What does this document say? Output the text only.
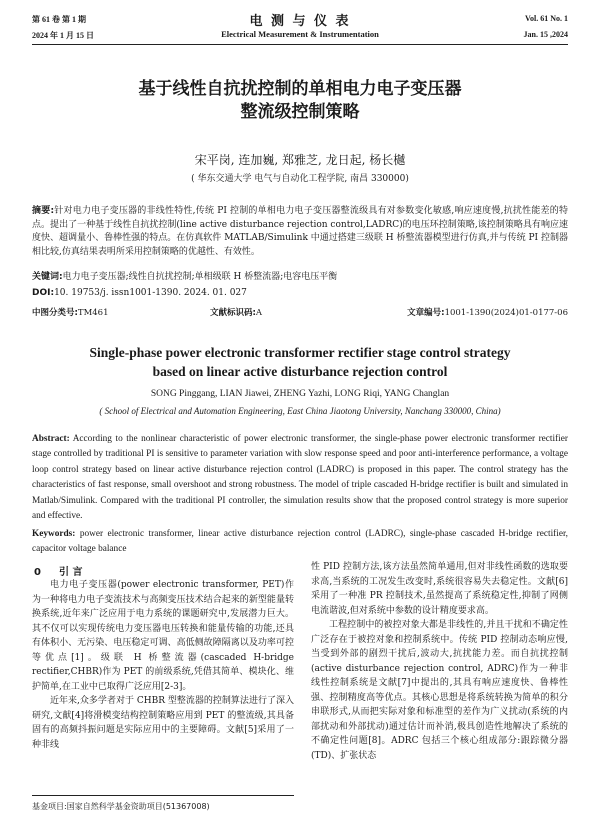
第 61 卷 第 1 期
2024 年 1 月 15 日
电 测 与 仪 表
Electrical Measurement & Instrumentation
Vol. 61 No. 1
Jan. 15 ,2024
基于线性自抗扰控制的单相电力电子变压器
整流级控制策略
宋平岗, 连加巍, 郑雅芝, 龙日起, 杨长樾
( 华东交通大学 电气与自动化工程学院, 南昌 330000)
摘要:针对电力电子变压器的非线性特性,传统 PI 控制的单相电力电子变压器整流级具有对参数变化敏感,响应速度慢,抗扰性能差的特点。提出了一种基于线性自抗扰控制(line active disturbance rejection control,LADRC)的电压环控制策略,该控制策略具有响应速度快、超调量小、鲁棒性强的特点。在仿真软件 MATLAB/Simulink 中通过搭建三级联 H 桥整流器模型进行仿真,并与传统 PI 控制器相比较,仿真结果表明所采用控制策略的优越性、有效性。
关键词:电力电子变压器;线性自抗扰控制;单相级联 H 桥整流器;电容电压平衡
DOI:10. 19753/j. issn1001-1390. 2024. 01. 027
中图分类号:TM461	文献标识码:A	文章编号:1001-1390(2024)01-0177-06
Single-phase power electronic transformer rectifier stage control strategy
based on linear active disturbance rejection control
SONG Pinggang, LIAN Jiawei, ZHENG Yazhi, LONG Riqi, YANG Changlan
( School of Electrical and Automation Engineering, East China Jiaotong University, Nanchang 330000, China)
Abstract: According to the nonlinear characteristic of power electronic transformer, the single-phase power electronic transformer rectifier stage controlled by traditional PI is sensitive to parameter variation with slow response speed and poor anti-interference performance, a voltage loop control strategy based on linear active disturbance rejection control (LADRC) is proposed in this paper. The control strategy has the characteristics of fast response, small overshoot and strong robustness. The model of triple cascaded H-bridge rectifier is built and simulated in Matlab/Simulink. Compared with the traditional PI controller, the simulation results show that the proposed control strategy is more superior and effective.
Keywords: power electronic transformer, linear active disturbance rejection control (LADRC), single-phase cascaded H-bridge rectifier, capacitor voltage balance
0 引 言
电力电子变压器(power electronic transformer, PET)作为一种将电力电子变流技术与高频变压技术结合起来的新型能量转换系统,近年来广泛应用于电力系统的课题研究中,发展潜力巨大。其不仅可以实现传统电力变压器电压转换和能量传输的功能,还具有体积小、无污染、电压稳定可调、高低侧故障隔离以及功率可控等优点[1]。级联 H 桥整流器(cascaded H-bridge rectifier,CHBR)作为 PET 的前级系统,凭借其简单、模块化、维护简单,在工业中已取得广泛应用[2-3]。
近年来,众多学者对于 CHBR 型整流器的控制算法进行了深入研究,文献[4]将滑模变结构控制策略应用到 PET 的整流级,其具备固有的高频抖振问题是实际应用中的主要障碍。文献[5]采用了一种非线
性 PID 控制方法,该方法虽然简单通用,但对非线性函数的选取要求高,当系统的工况发生改变时,系统很容易失去稳定性。文献[6]采用了一种准 PR 控制技术,虽然提高了系统稳定性,抑制了网侧电流谐波,但对系统中参数的设计精度要求高。
工程控制中的被控对象大都是非线性的,并且干扰和不确定性广泛存在于被控对象和控制系统中。传统 PID 控制动态响应慢,当受到外部的剧烈干扰后,波动大,抗扰能力差。而自抗扰控制(active disturbance rejection control, ADRC)作为一种非线性控制系统是文献[7]中提出的,其具有响应速度快、鲁棒性强、控制精度高等优点。其核心思想是将系统转换为简单的积分串联形式,从而把实际对象和标准型的差作为广义扰动(系统的内部扰动和外部扰动)通过估计而补消,极具创造性地解决了系统的不确定性问题[8]。ADRC 包括三个核心组成部分:跟踪微分器(TD)、扩张状态
基金项目:国家自然科学基金资助项目(51367008)
